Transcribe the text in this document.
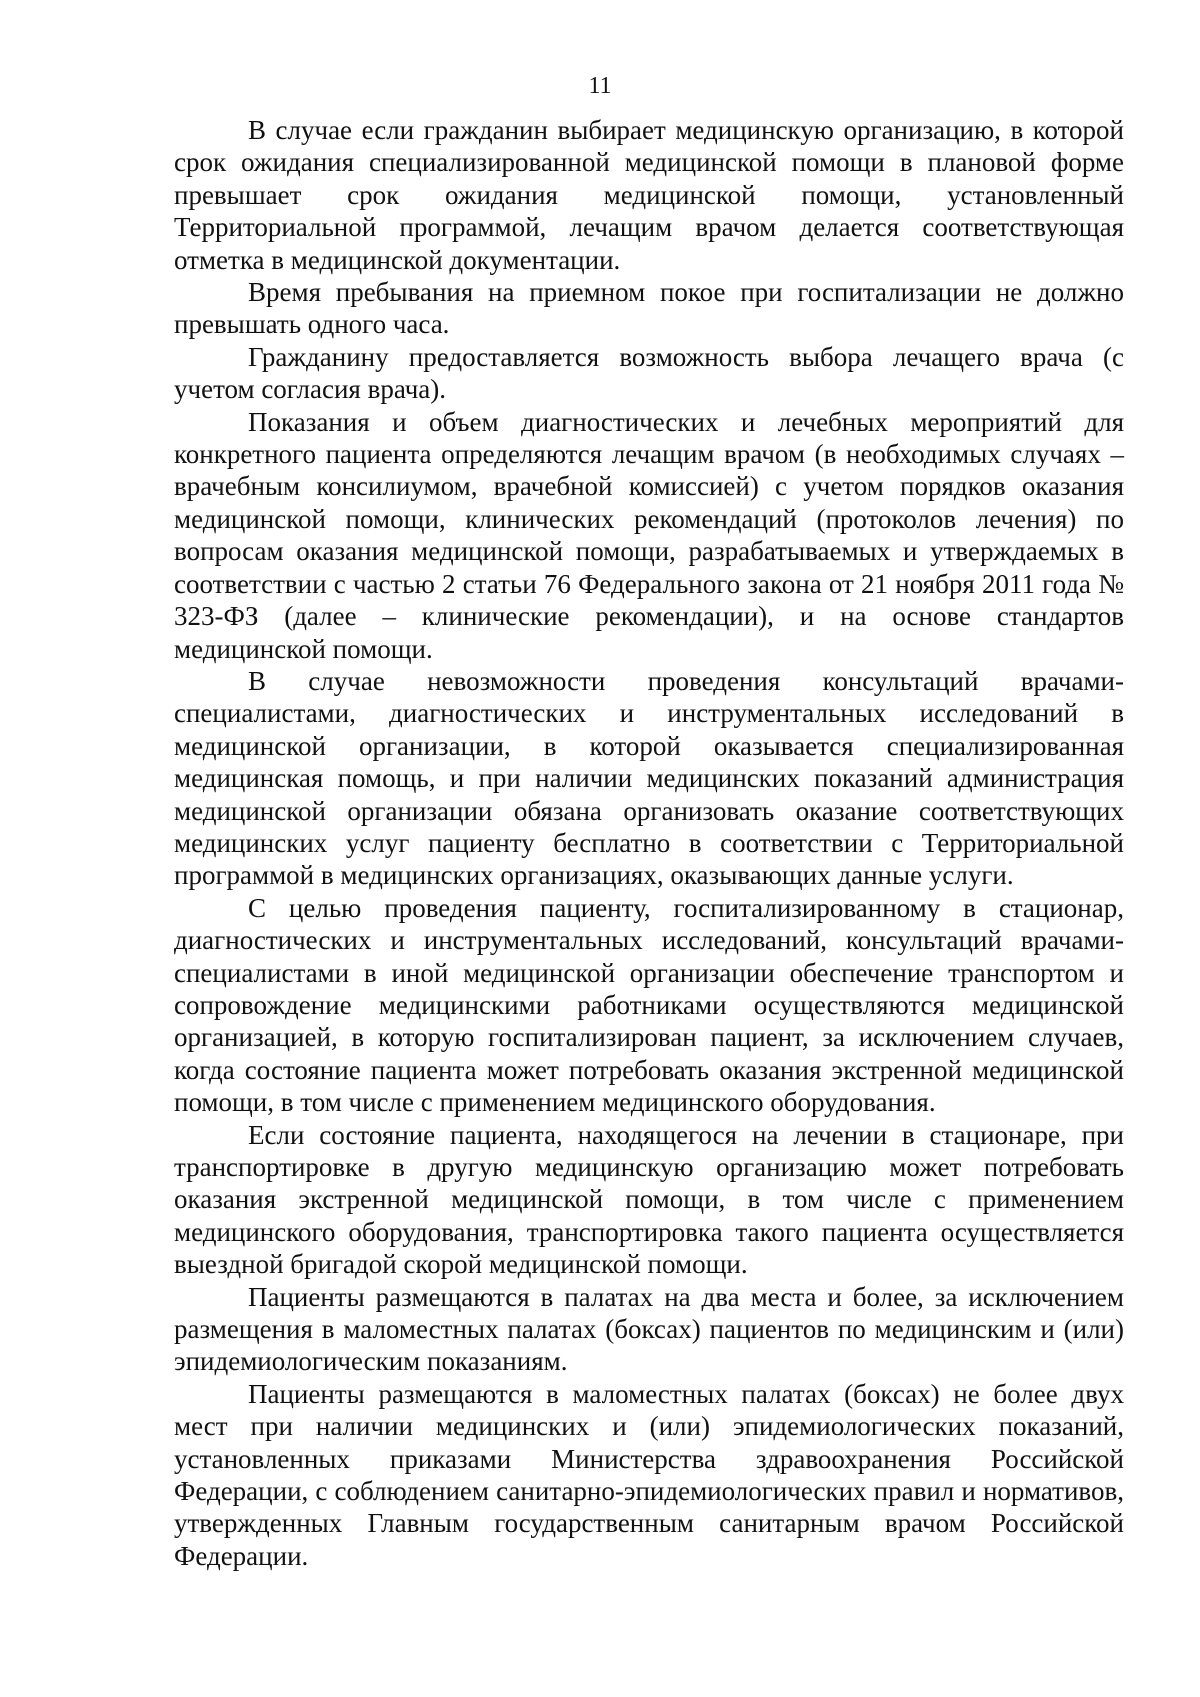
11

В случае если гражданин выбирает медицинскую организацию, в которой срок ожидания специализированной медицинской помощи в плановой форме превышает срок ожидания медицинской помощи, установленный Территориальной программой, лечащим врачом делается соответствующая отметка в медицинской документации.

Время пребывания на приемном покое при госпитализации не должно превышать одного часа.

Гражданину предоставляется возможность выбора лечащего врача (с учетом согласия врача).

Показания и объем диагностических и лечебных мероприятий для конкретного пациента определяются лечащим врачом (в необходимых случаях – врачебным консилиумом, врачебной комиссией) с учетом порядков оказания медицинской помощи, клинических рекомендаций (протоколов лечения) по вопросам оказания медицинской помощи, разрабатываемых и утверждаемых в соответствии с частью 2 статьи 76 Федерального закона от 21 ноября 2011 года № 323-ФЗ (далее – клинические рекомендации), и на основе стандартов медицинской помощи.

В случае невозможности проведения консультаций врачами-специалистами, диагностических и инструментальных исследований в медицинской организации, в которой оказывается специализированная медицинская помощь, и при наличии медицинских показаний администрация медицинской организации обязана организовать оказание соответствующих медицинских услуг пациенту бесплатно в соответствии с Территориальной программой в медицинских организациях, оказывающих данные услуги.

С целью проведения пациенту, госпитализированному в стационар, диагностических и инструментальных исследований, консультаций врачами-специалистами в иной медицинской организации обеспечение транспортом и сопровождение медицинскими работниками осуществляются медицинской организацией, в которую госпитализирован пациент, за исключением случаев, когда состояние пациента может потребовать оказания экстренной медицинской помощи, в том числе с применением медицинского оборудования.

Если состояние пациента, находящегося на лечении в стационаре, при транспортировке в другую медицинскую организацию может потребовать оказания экстренной медицинской помощи, в том числе с применением медицинского оборудования, транспортировка такого пациента осуществляется выездной бригадой скорой медицинской помощи.

Пациенты размещаются в палатах на два места и более, за исключением размещения в маломестных палатах (боксах) пациентов по медицинским и (или) эпидемиологическим показаниям.

Пациенты размещаются в маломестных палатах (боксах) не более двух мест при наличии медицинских и (или) эпидемиологических показаний, установленных приказами Министерства здравоохранения Российской Федерации, с соблюдением санитарно-эпидемиологических правил и нормативов, утвержденных Главным государственным санитарным врачом Российской Федерации.
